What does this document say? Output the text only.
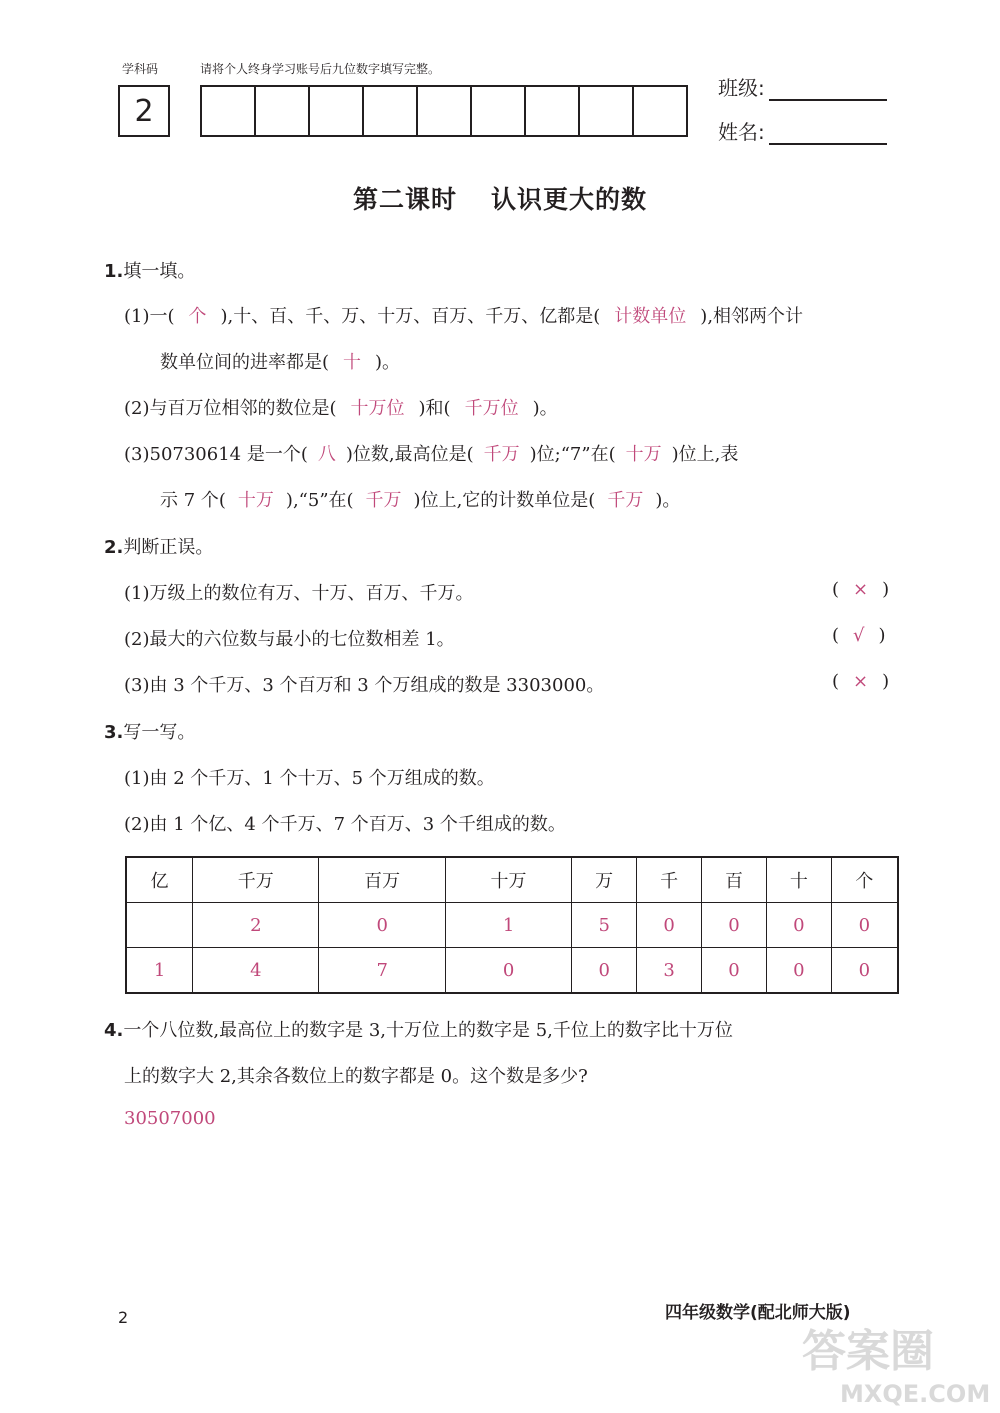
学科码	请将个人终身学习账号后九位数字填写完整。
2
班级:
姓名:
第二课时 认识更大的数
1.填一填。
(1)一( 个 ),十、百、千、万、十万、百万、千万、亿都是( 计数单位 ),相邻两个计
数单位间的进率都是( 十 )。
(2)与百万位相邻的数位是( 十万位 )和( 千万位 )。
(3)50730614 是一个( 八 )位数,最高位是( 千万 )位;“7”在( 十万 )位上,表
示 7 个( 十万 ),“5”在( 千万 )位上,它的计数单位是( 千万 )。
2.判断正误。
(1)万级上的数位有万、十万、百万、千万。	( × )
(2)最大的六位数与最小的七位数相差 1。	( √ )
(3)由 3 个千万、3 个百万和 3 个万组成的数是 3303000。	( × )
3.写一写。
(1)由 2 个千万、1 个十万、5 个万组成的数。
(2)由 1 个亿、4 个千万、7 个百万、3 个千组成的数。
亿	千万	百万	十万	万	千	百	十	个
	2	0	1	5	0	0	0	0
1	4	7	0	0	3	0	0	0
4.一个八位数,最高位上的数字是 3,十万位上的数字是 5,千位上的数字比十万位
上的数字大 2,其余各数位上的数字都是 0。这个数是多少?
30507000
2	四年级数学(配北师大版)
答案圈
MXQE.COM
